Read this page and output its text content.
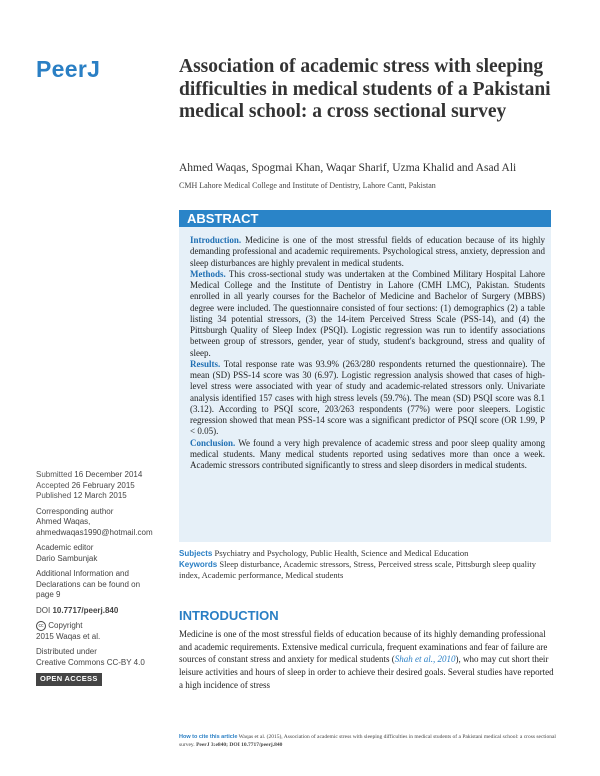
PeerJ	Association of academic stress with sleeping difficulties in medical students of a Pakistani medical school: a cross sectional survey
Ahmed Waqas, Spogmai Khan, Waqar Sharif, Uzma Khalid and Asad Ali
CMH Lahore Medical College and Institute of Dentistry, Lahore Cantt, Pakistan
ABSTRACT

Introduction. Medicine is one of the most stressful fields of education because of its highly demanding professional and academic requirements. Psychological stress, anxiety, depression and sleep disturbances are highly prevalent in medical students.
Methods. This cross-sectional study was undertaken at the Combined Military Hospital Lahore Medical College and the Institute of Dentistry in Lahore (CMH LMC), Pakistan. Students enrolled in all yearly courses for the Bachelor of Medicine and Bachelor of Surgery (MBBS) degree were included. The questionnaire consisted of four sections: (1) demographics (2) a table listing 34 potential stressors, (3) the 14-item Perceived Stress Scale (PSS-14), and (4) the Pittsburgh Quality of Sleep Index (PSQI). Logistic regression was run to identify associations between group of stressors, gender, year of study, student's background, stress and quality of sleep.
Results. Total response rate was 93.9% (263/280 respondents returned the questionnaire). The mean (SD) PSS-14 score was 30 (6.97). Logistic regression analysis showed that cases of high-level stress were associated with year of study and academic-related stressors only. Univariate analysis identified 157 cases with high stress levels (59.7%). The mean (SD) PSQI score was 8.1 (3.12). According to PSQI score, 203/263 respondents (77%) were poor sleepers. Logistic regression showed that mean PSS-14 score was a significant predictor of PSQI score (OR 1.99, P < 0.05).
Conclusion. We found a very high prevalence of academic stress and poor sleep quality among medical students. Many medical students reported using sedatives more than once a week. Academic stressors contributed significantly to stress and sleep disorders in medical students.

Submitted 16 December 2014
Accepted 26 February 2015
Published 12 March 2015
Corresponding author
Ahmed Waqas,
ahmedwaqas1990@hotmail.com
Academic editor
Dario Sambunjak
Additional Information and Declarations can be found on page 9
DOI 10.7717/peerj.840
cc Copyright
2015 Waqas et al.
Distributed under
Creative Commons CC-BY 4.0
OPEN ACCESS
Subjects Psychiatry and Psychology, Public Health, Science and Medical Education
Keywords Sleep disturbance, Academic stressors, Stress, Perceived stress scale, Pittsburgh sleep quality index, Academic performance, Medical students
INTRODUCTION

Medicine is one of the most stressful fields of education because of its highly demanding professional and academic requirements. Extensive medical curricula, frequent examinations and fear of failure are sources of constant stress and anxiety for medical students (Shah et al., 2010), who may cut short their leisure activities and hours of sleep in order to achieve their desired goals. Several studies have reported a high incidence of stress

How to cite this article Waqas et al. (2015), Association of academic stress with sleeping difficulties in medical students of a Pakistani medical school: a cross sectional survey. PeerJ 3:e840; DOI 10.7717/peerj.840
